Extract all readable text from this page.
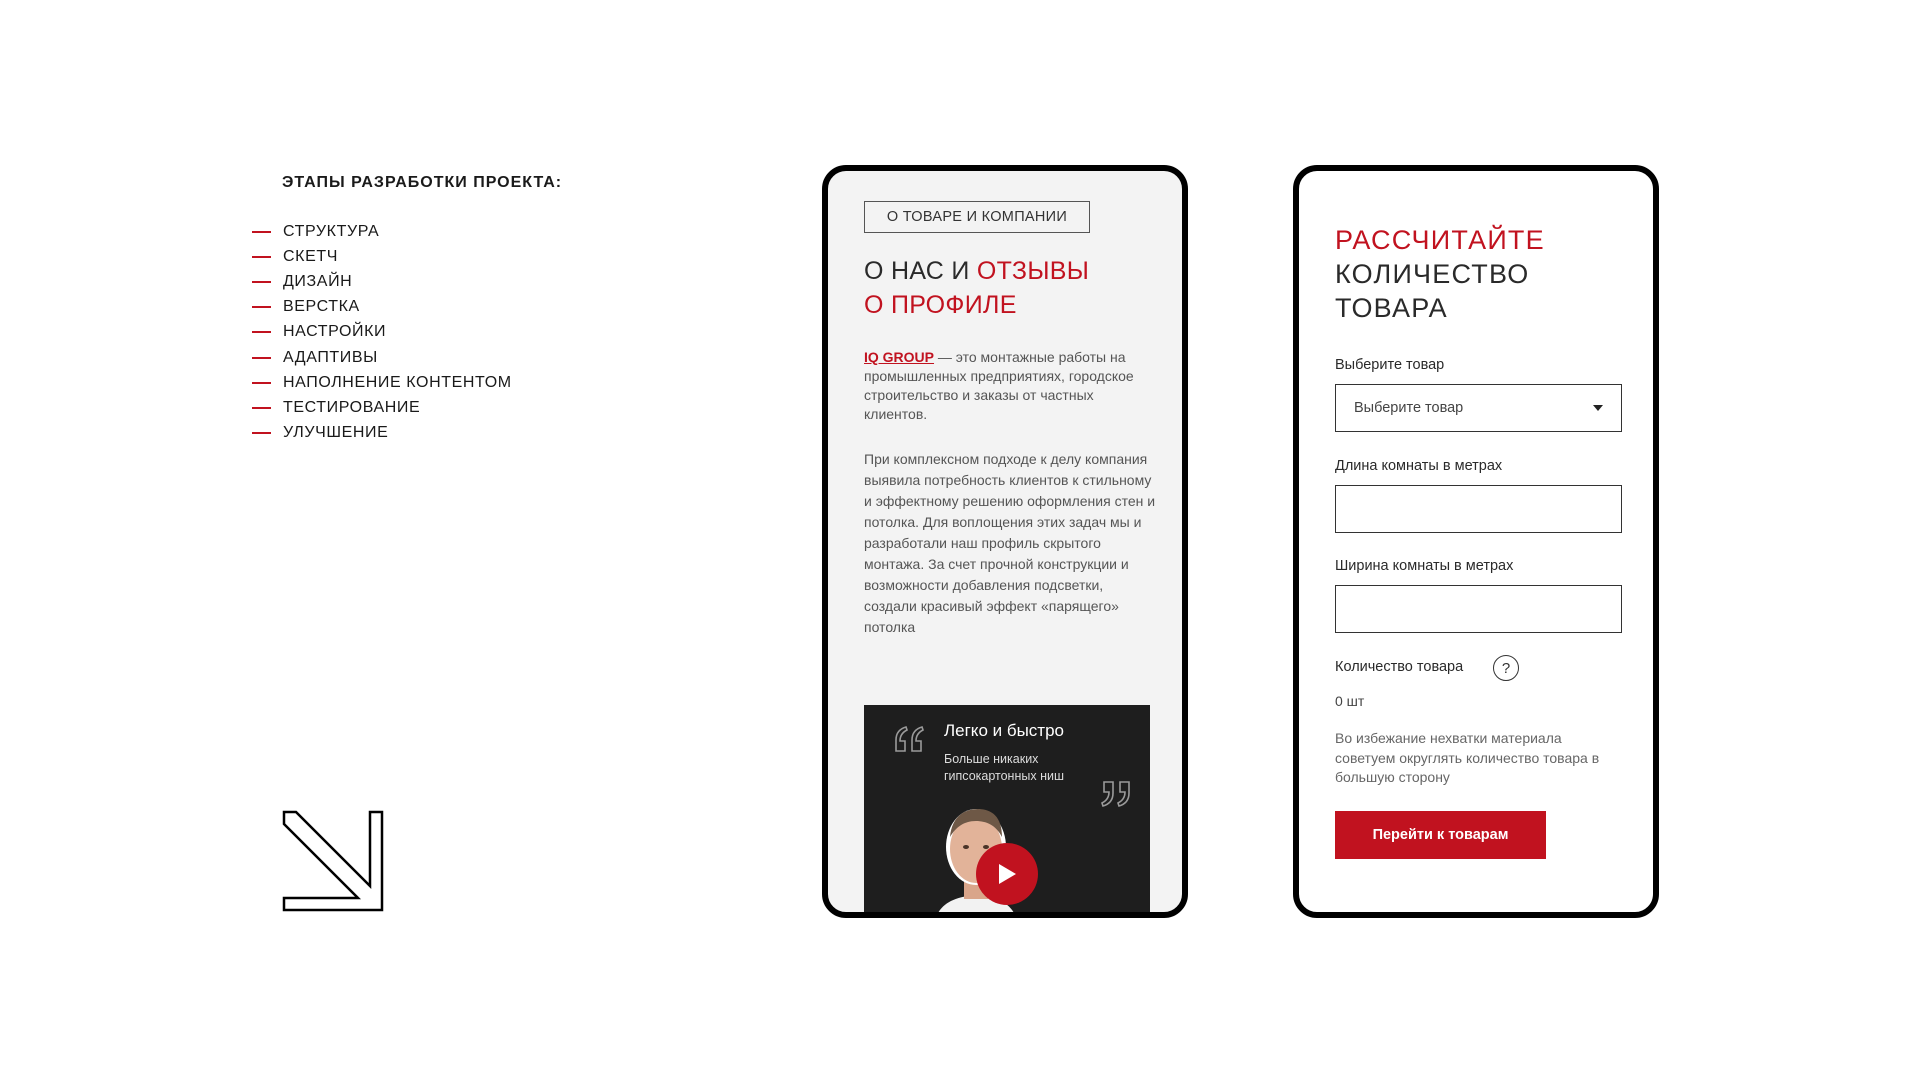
ЭТАПЫ РАЗРАБОТКИ ПРОЕКТА:
СТРУКТУРА
СКЕТЧ
ДИЗАЙН
ВЕРСТКА
НАСТРОЙКИ
АДАПТИВЫ
НАПОЛНЕНИЕ КОНТЕНТОМ
ТЕСТИРОВАНИЕ
УЛУЧШЕНИЕ
О ТОВАРЕ И КОМПАНИИ
О НАС И ОТЗЫВЫ
О ПРОФИЛЕ

IQ GROUP — это монтажные работы на промышленных предприятиях, городское строительство и заказы от частных клиентов.

При комплексном подходе к делу компания выявила потребность клиентов к стильному и эффектному решению оформления стен и потолка. Для воплощения этих задач мы и разработали наш профиль скрытого монтажа. За счет прочной конструкции и возможности добавления подсветки, создали красивый эффект «парящего» потолка

Легко и быстро
Больше никаких гипсокартонных ниш
РАССЧИТАЙТЕ
КОЛИЧЕСТВО
ТОВАРА
Выберите товар
Выберите товар
Длина комнаты в метрах
Ширина комнаты в метрах
Количество товара	?
0 шт

Во избежание нехватки материала советуем округлять количество товара в большую сторону

Перейти к товарам
